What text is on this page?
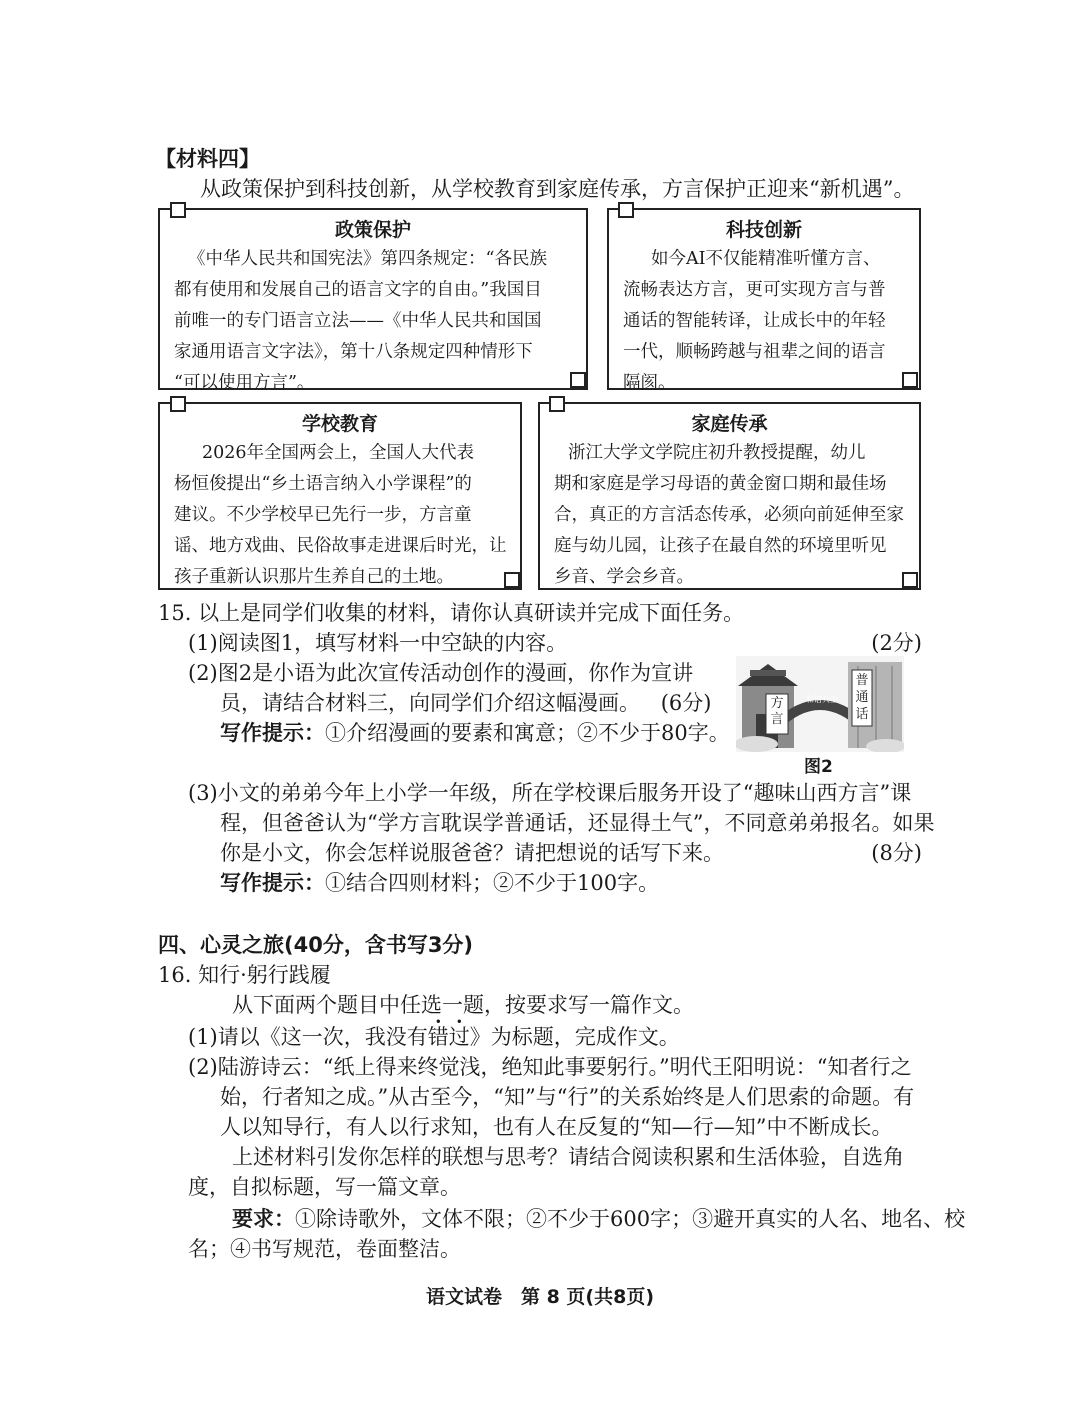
【材料四】
从政策保护到科技创新，从学校教育到家庭传承，方言保护正迎来“新机遇”。
政策保护
《中华人民共和国宪法》第四条规定：“各民族
都有使用和发展自己的语言文字的自由。”我国目
前唯一的专门语言立法——《中华人民共和国国
家通用语言文字法》，第十八条规定四种情形下
“可以使用方言”。
科技创新
如今AI不仅能精准听懂方言、
流畅表达方言，更可实现方言与普
通话的智能转译，让成长中的年轻
一代，顺畅跨越与祖辈之间的语言
隔阂。
学校教育
2026年全国两会上，全国人大代表
杨恒俊提出“乡土语言纳入小学课程”的
建议。不少学校早已先行一步，方言童
谣、地方戏曲、民俗故事走进课后时光，让
孩子重新认识那片生养自己的土地。
家庭传承
浙江大学文学院庄初升教授提醒，幼儿
期和家庭是学习母语的黄金窗口期和最佳场
合，真正的方言活态传承，必须向前延伸至家
庭与幼儿园，让孩子在最自然的环境里听见
乡音、学会乡音。
15. 以上是同学们收集的材料，请你认真研读并完成下面任务。
(1)阅读图1，填写材料一中空缺的内容。	(2分)
(2)图2是小语为此次宣传活动创作的漫画，你作为宣讲
员，请结合材料三，向同学们介绍这幅漫画。 (6分)
写作提示：①介绍漫画的要素和寓意；②不少于80字。
方言
普通话
和谐共生
图2
(3)小文的弟弟今年上小学一年级，所在学校课后服务开设了“趣味山西方言”课
程，但爸爸认为“学方言耽误学普通话，还显得土气”，不同意弟弟报名。如果
你是小文，你会怎样说服爸爸？请把想说的话写下来。	(8分)
写作提示：①结合四则材料；②不少于100字。
四、心灵之旅(40分，含书写3分)
16. 知行·躬行践履
从下面两个题目中任选一题，按要求写一篇作文。
(1)请以《这一次，我没有错过》为标题，完成作文。
(2)陆游诗云：“纸上得来终觉浅，绝知此事要躬行。”明代王阳明说：“知者行之
始，行者知之成。”从古至今，“知”与“行”的关系始终是人们思索的命题。有
人以知导行，有人以行求知，也有人在反复的“知—行—知”中不断成长。
上述材料引发你怎样的联想与思考？请结合阅读积累和生活体验，自选角
度，自拟标题，写一篇文章。
要求：①除诗歌外，文体不限；②不少于600字；③避开真实的人名、地名、校
名；④书写规范，卷面整洁。
语文试卷　第 8 页(共8页)
